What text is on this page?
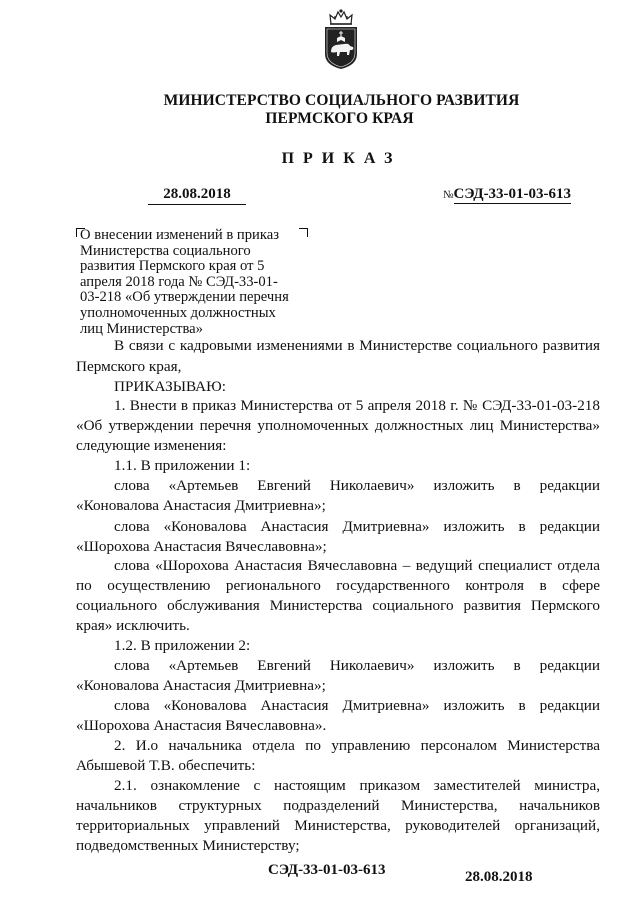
МИНИСТЕРСТВО СОЦИАЛЬНОГО РАЗВИТИЯ
ПЕРМСКОГО КРАЯ
ПРИКАЗ
28.08.2018	№СЭД-33-01-03-613
О внесении изменений в приказ
Министерства социального
развития Пермского края от 5
апреля 2018 года № СЭД-33-01-
03-218 «Об утверждении перечня
уполномоченных должностных
лиц Министерства»
В связи с кадровыми изменениями в Министерстве социального развития
Пермского края,
ПРИКАЗЫВАЮ:
1. Внести в приказ Министерства от 5 апреля 2018 г. № СЭД-33-01-03-218
«Об утверждении перечня уполномоченных должностных лиц Министерства»
следующие изменения:
1.1. В приложении 1:
слова «Артемьев Евгений Николаевич» изложить в редакции
«Коновалова Анастасия Дмитриевна»;
слова «Коновалова Анастасия Дмитриевна» изложить в редакции
«Шорохова Анастасия Вячеславовна»;
слова «Шорохова Анастасия Вячеславовна – ведущий специалист отдела
по осуществлению регионального государственного контроля в сфере
социального обслуживания Министерства социального развития Пермского
края» исключить.
1.2. В приложении 2:
слова «Артемьев Евгений Николаевич» изложить в редакции
«Коновалова Анастасия Дмитриевна»;
слова «Коновалова Анастасия Дмитриевна» изложить в редакции
«Шорохова Анастасия Вячеславовна».
2. И.о начальника отдела по управлению персоналом Министерства
Абышевой Т.В. обеспечить:
2.1. ознакомление с настоящим приказом заместителей министра,
начальников структурных подразделений Министерства, начальников
территориальных управлений Министерства, руководителей организаций,
подведомственных Министерству;
СЭД-33-01-03-613	28.08.2018
